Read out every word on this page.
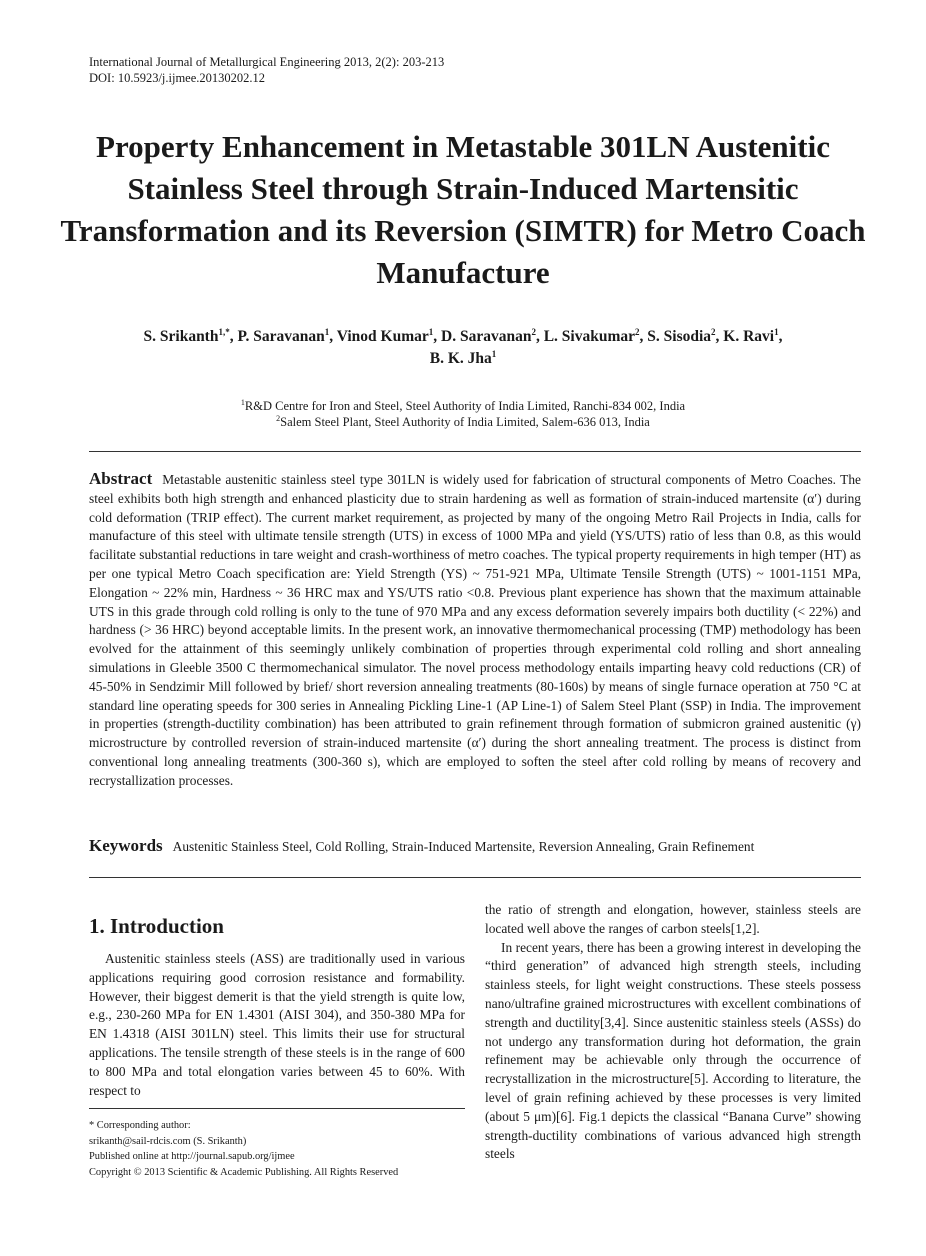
International Journal of Metallurgical Engineering 2013, 2(2): 203-213
DOI: 10.5923/j.ijmee.20130202.12
Property Enhancement in Metastable 301LN Austenitic Stainless Steel through Strain-Induced Martensitic Transformation and its Reversion (SIMTR) for Metro Coach Manufacture
S. Srikanth$^{1,*}$, P. Saravanan$^1$, Vinod Kumar$^1$, D. Saravanan$^2$, L. Sivakumar$^2$, S. Sisodia$^2$, K. Ravi$^1$,
B. K. Jha$^1$
$^1$R&D Centre for Iron and Steel, Steel Authority of India Limited, Ranchi-834 002, India
$^2$Salem Steel Plant, Steel Authority of India Limited, Salem-636 013, India
Abstract Metastable austenitic stainless steel type 301LN is widely used for fabrication of structural components of Metro Coaches. The steel exhibits both high strength and enhanced plasticity due to strain hardening as well as formation of strain-induced martensite (α′) during cold deformation (TRIP effect). The current market requirement, as projected by many of the ongoing Metro Rail Projects in India, calls for manufacture of this steel with ultimate tensile strength (UTS) in excess of 1000 MPa and yield (YS/UTS) ratio of less than 0.8, as this would facilitate substantial reductions in tare weight and crash-worthiness of metro coaches. The typical property requirements in high temper (HT) as per one typical Metro Coach specification are: Yield Strength (YS) ~ 751-921 MPa, Ultimate Tensile Strength (UTS) ~ 1001-1151 MPa, Elongation ~ 22% min, Hardness ~ 36 HRC max and YS/UTS ratio <0.8. Previous plant experience has shown that the maximum attainable UTS in this grade through cold rolling is only to the tune of 970 MPa and any excess deformation severely impairs both ductility (< 22%) and hardness (> 36 HRC) beyond acceptable limits. In the present work, an innovative thermomechanical processing (TMP) methodology has been evolved for the attainment of this seemingly unlikely combination of properties through experimental cold rolling and short annealing simulations in Gleeble 3500 C thermomechanical simulator. The novel process methodology entails imparting heavy cold reductions (CR) of 45-50% in Sendzimir Mill followed by brief/ short reversion annealing treatments (80-160s) by means of single furnace operation at 750 °C at standard line operating speeds for 300 series in Annealing Pickling Line-1 (AP Line-1) of Salem Steel Plant (SSP) in India. The improvement in properties (strength-ductility combination) has been attributed to grain refinement through formation of submicron grained austenitic (γ) microstructure by controlled reversion of strain-induced martensite (α′) during the short annealing treatment. The process is distinct from conventional long annealing treatments (300-360 s), which are employed to soften the steel after cold rolling by means of recovery and recrystallization processes.
Keywords Austenitic Stainless Steel, Cold Rolling, Strain-Induced Martensite, Reversion Annealing, Grain Refinement
1. Introduction
Austenitic stainless steels (ASS) are traditionally used in various applications requiring good corrosion resistance and formability. However, their biggest demerit is that the yield strength is quite low, e.g., 230-260 MPa for EN 1.4301 (AISI 304), and 350-380 MPa for EN 1.4318 (AISI 301LN) steel. This limits their use for structural applications. The tensile strength of these steels is in the range of 600 to 800 MPa and total elongation varies between 45 to 60%. With respect to
the ratio of strength and elongation, however, stainless steels are located well above the ranges of carbon steels[1,2].
In recent years, there has been a growing interest in developing the “third generation” of advanced high strength steels, including stainless steels, for light weight constructions. These steels possess nano/ultrafine grained microstructures with excellent combinations of strength and ductility[3,4]. Since austenitic stainless steels (ASSs) do not undergo any transformation during hot deformation, the grain refinement may be achievable only through the occurrence of recrystallization in the microstructure[5]. According to literature, the level of grain refining achieved by these processes is very limited (about 5 μm)[6]. Fig.1 depicts the classical “Banana Curve” showing strength-ductility combinations of various advanced high strength steels
* Corresponding author:
srikanth@sail-rdcis.com (S. Srikanth)
Published online at http://journal.sapub.org/ijmee
Copyright © 2013 Scientific & Academic Publishing. All Rights Reserved
